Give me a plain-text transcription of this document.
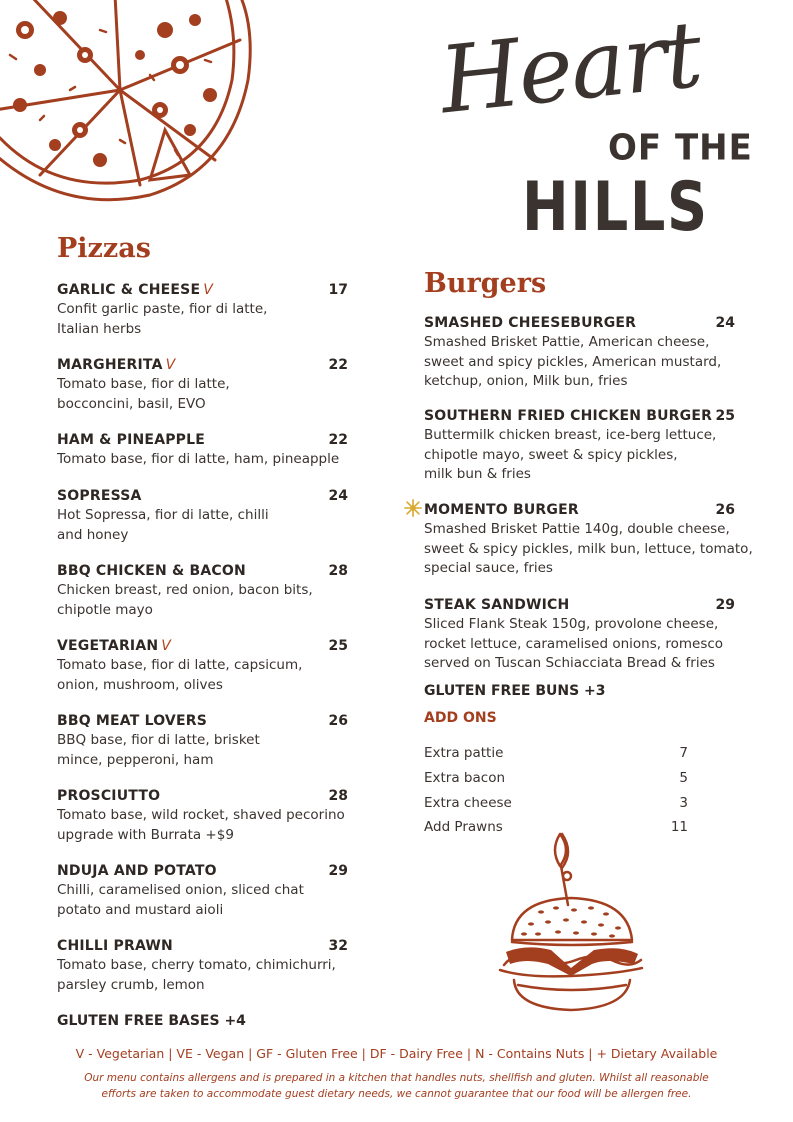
Heart
OF THE
HILLS
Pizzas
GARLIC & CHEESE V	17
Confit garlic paste, fior di latte,
Italian herbs
MARGHERITA V	22
Tomato base, fior di latte,
bocconcini, basil, EVO
HAM & PINEAPPLE	22
Tomato base, fior di latte, ham, pineapple
SOPRESSA	24
Hot Sopressa, fior di latte, chilli
and honey
BBQ CHICKEN & BACON	28
Chicken breast, red onion, bacon bits,
chipotle mayo
VEGETARIAN V	25
Tomato base, fior di latte, capsicum,
onion, mushroom, olives
BBQ MEAT LOVERS	26
BBQ base, fior di latte, brisket
mince, pepperoni, ham
PROSCIUTTO	28
Tomato base, wild rocket, shaved pecorino
upgrade with Burrata +$9
NDUJA AND POTATO	29
Chilli, caramelised onion, sliced chat
potato and mustard aioli
CHILLI PRAWN	32
Tomato base, cherry tomato, chimichurri,
parsley crumb, lemon
GLUTEN FREE BASES +4
Burgers
SMASHED CHEESEBURGER	24
Smashed Brisket Pattie, American cheese,
sweet and spicy pickles, American mustard,
ketchup, onion, Milk bun, fries
SOUTHERN FRIED CHICKEN BURGER 25
Buttermilk chicken breast, ice-berg lettuce,
chipotle mayo, sweet & spicy pickles,
milk bun & fries
MOMENTO BURGER	26
Smashed Brisket Pattie 140g, double cheese,
sweet & spicy pickles, milk bun, lettuce, tomato,
special sauce, fries
STEAK SANDWICH	29
Sliced Flank Steak 150g, provolone cheese,
rocket lettuce, caramelised onions, romesco
served on Tuscan Schiacciata Bread & fries
GLUTEN FREE BUNS +3
ADD ONS
Extra pattie	7
Extra bacon	5
Extra cheese	3
Add Prawns	11
V - Vegetarian | VE - Vegan | GF - Gluten Free | DF - Dairy Free | N - Contains Nuts | + Dietary Available
Our menu contains allergens and is prepared in a kitchen that handles nuts, shellfish and gluten. Whilst all reasonable
efforts are taken to accommodate guest dietary needs, we cannot guarantee that our food will be allergen free.
